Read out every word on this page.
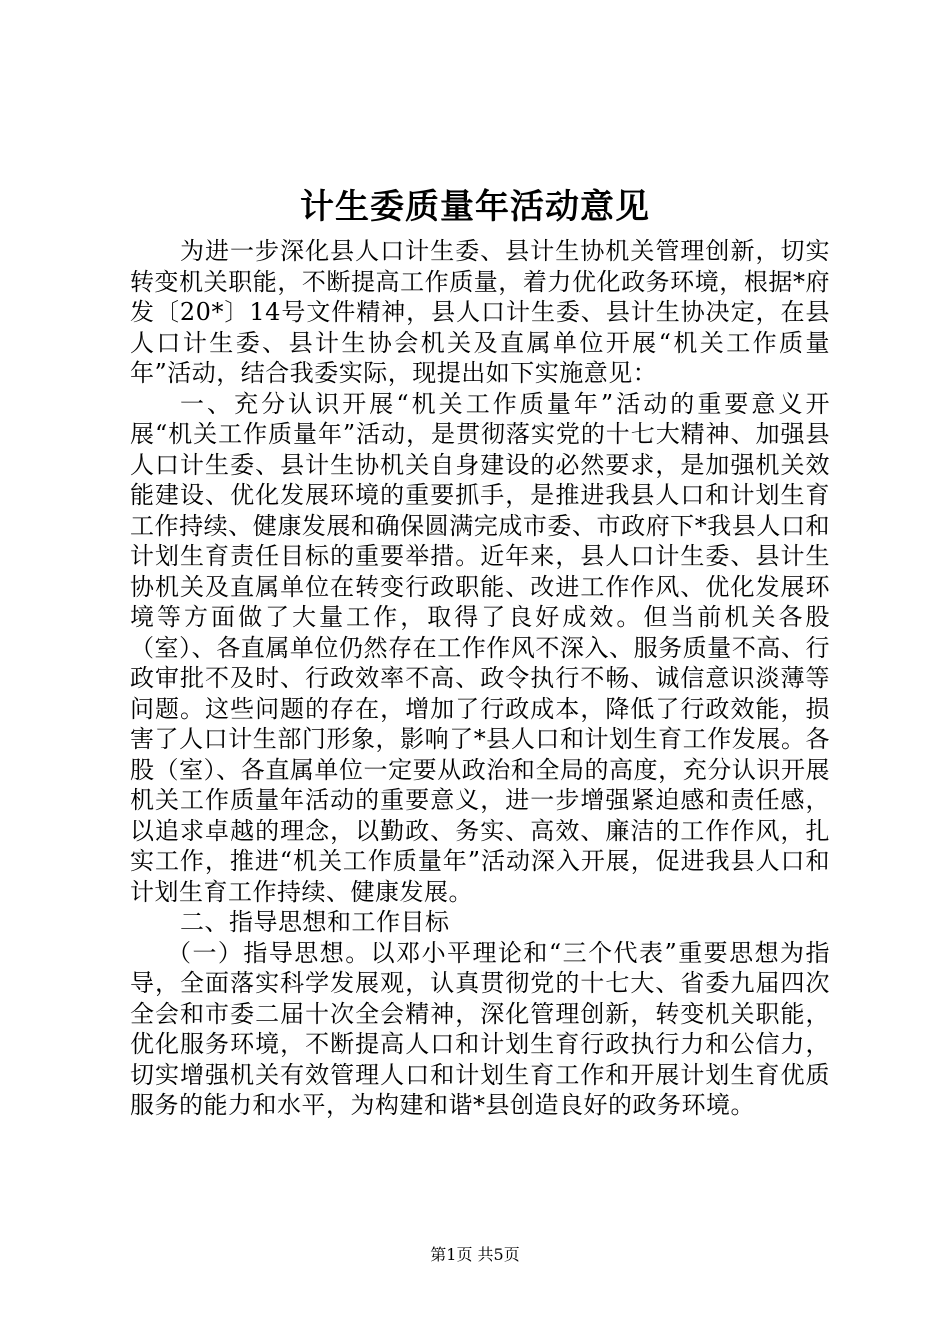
计生委质量年活动意见

为进一步深化县人口计生委、县计生协机关管理创新，切实转变机关职能，不断提高工作质量，着力优化政务环境，根据*府发〔20*〕14号文件精神，县人口计生委、县计生协决定，在县人口计生委、县计生协会机关及直属单位开展“机关工作质量年”活动，结合我委实际，现提出如下实施意见：

一、充分认识开展“机关工作质量年”活动的重要意义开展“机关工作质量年”活动，是贯彻落实党的十七大精神、加强县人口计生委、县计生协机关自身建设的必然要求，是加强机关效能建设、优化发展环境的重要抓手，是推进我县人口和计划生育工作持续、健康发展和确保圆满完成市委、市政府下*我县人口和计划生育责任目标的重要举措。近年来，县人口计生委、县计生协机关及直属单位在转变行政职能、改进工作作风、优化发展环境等方面做了大量工作，取得了良好成效。但当前机关各股（室）、各直属单位仍然存在工作作风不深入、服务质量不高、行政审批不及时、行政效率不高、政令执行不畅、诚信意识淡薄等问题。这些问题的存在，增加了行政成本，降低了行政效能，损害了人口计生部门形象，影响了*县人口和计划生育工作发展。各股（室）、各直属单位一定要从政治和全局的高度，充分认识开展机关工作质量年活动的重要意义，进一步增强紧迫感和责任感，以追求卓越的理念，以勤政、务实、高效、廉洁的工作作风，扎实工作，推进“机关工作质量年”活动深入开展，促进我县人口和计划生育工作持续、健康发展。

二、指导思想和工作目标

（一）指导思想。以邓小平理论和“三个代表”重要思想为指导，全面落实科学发展观，认真贯彻党的十七大、省委九届四次全会和市委二届十次全会精神，深化管理创新，转变机关职能，优化服务环境，不断提高人口和计划生育行政执行力和公信力，切实增强机关有效管理人口和计划生育工作和开展计划生育优质服务的能力和水平，为构建和谐*县创造良好的政务环境。

第1页 共5页
